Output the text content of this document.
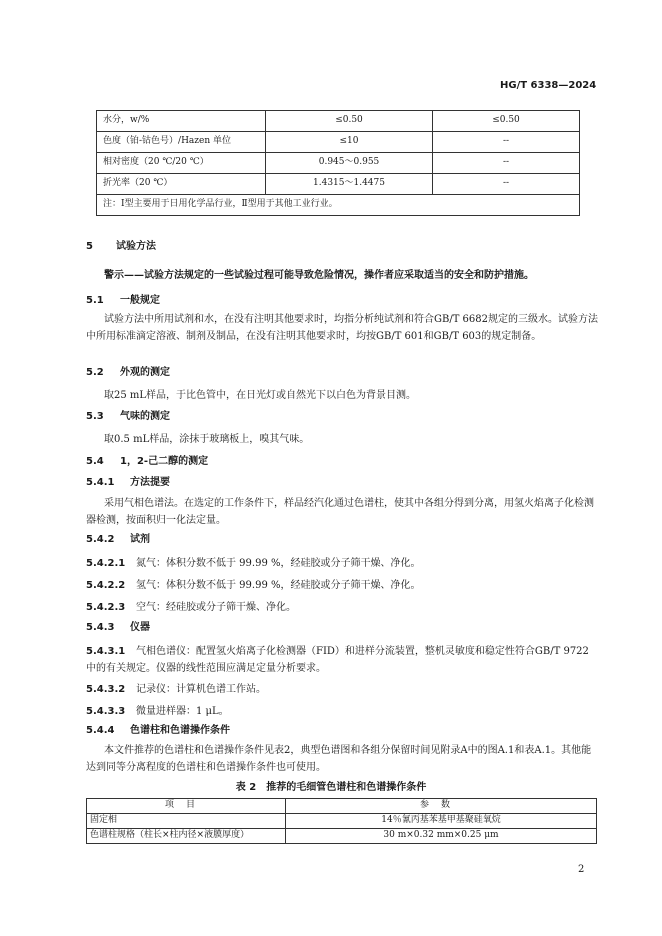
HG/T 6338—2024
水分，w/%	≤0.50	≤0.50
色度（铂-钴色号）/Hazen 单位	≤10	--
相对密度（20 ℃/20 ℃）	0.945～0.955	--
折光率（20 ℃）	1.4315～1.4475	--
注：Ⅰ型主要用于日用化学品行业，Ⅱ型用于其他工业行业。		
5 试验方法
警示——试验方法规定的一些试验过程可能导致危险情况，操作者应采取适当的安全和防护措施。
5.1 一般规定
试验方法中所用试剂和水，在没有注明其他要求时，均指分析纯试剂和符合GB/T 6682规定的三级水。试验方法中所用标准滴定溶液、制剂及制品，在没有注明其他要求时，均按GB/T 601和GB/T 603的规定制备。
5.2 外观的测定
取25 mL样品，于比色管中，在日光灯或自然光下以白色为背景目测。
5.3 气味的测定
取0.5 mL样品，涂抹于玻璃板上，嗅其气味。
5.4 1，2-己二醇的测定
5.4.1 方法提要
采用气相色谱法。在选定的工作条件下，样品经汽化通过色谱柱，使其中各组分得到分离，用氢火焰离子化检测器检测，按面积归一化法定量。
5.4.2 试剂
5.4.2.1 氮气：体积分数不低于 99.99 %，经硅胶或分子筛干燥、净化。
5.4.2.2 氢气：体积分数不低于 99.99 %，经硅胶或分子筛干燥、净化。
5.4.2.3 空气：经硅胶或分子筛干燥、净化。
5.4.3 仪器
5.4.3.1 气相色谱仪：配置氢火焰离子化检测器（FID）和进样分流装置，整机灵敏度和稳定性符合GB/T 9722中的有关规定。仪器的线性范围应满足定量分析要求。
5.4.3.2 记录仪：计算机色谱工作站。
5.4.3.3 微量进样器：1 μL。
5.4.4 色谱柱和色谱操作条件
本文件推荐的色谱柱和色谱操作条件见表2，典型色谱图和各组分保留时间见附录A中的图A.1和表A.1。其他能达到同等分离程度的色谱柱和色谱操作条件也可使用。
表 2　推荐的毛细管色谱柱和色谱操作条件
项目	参数
固定相	14％氰丙基苯基甲基聚硅氧烷
色谱柱规格（柱长×柱内径×液膜厚度）	30 m×0.32 mm×0.25 μm
2
